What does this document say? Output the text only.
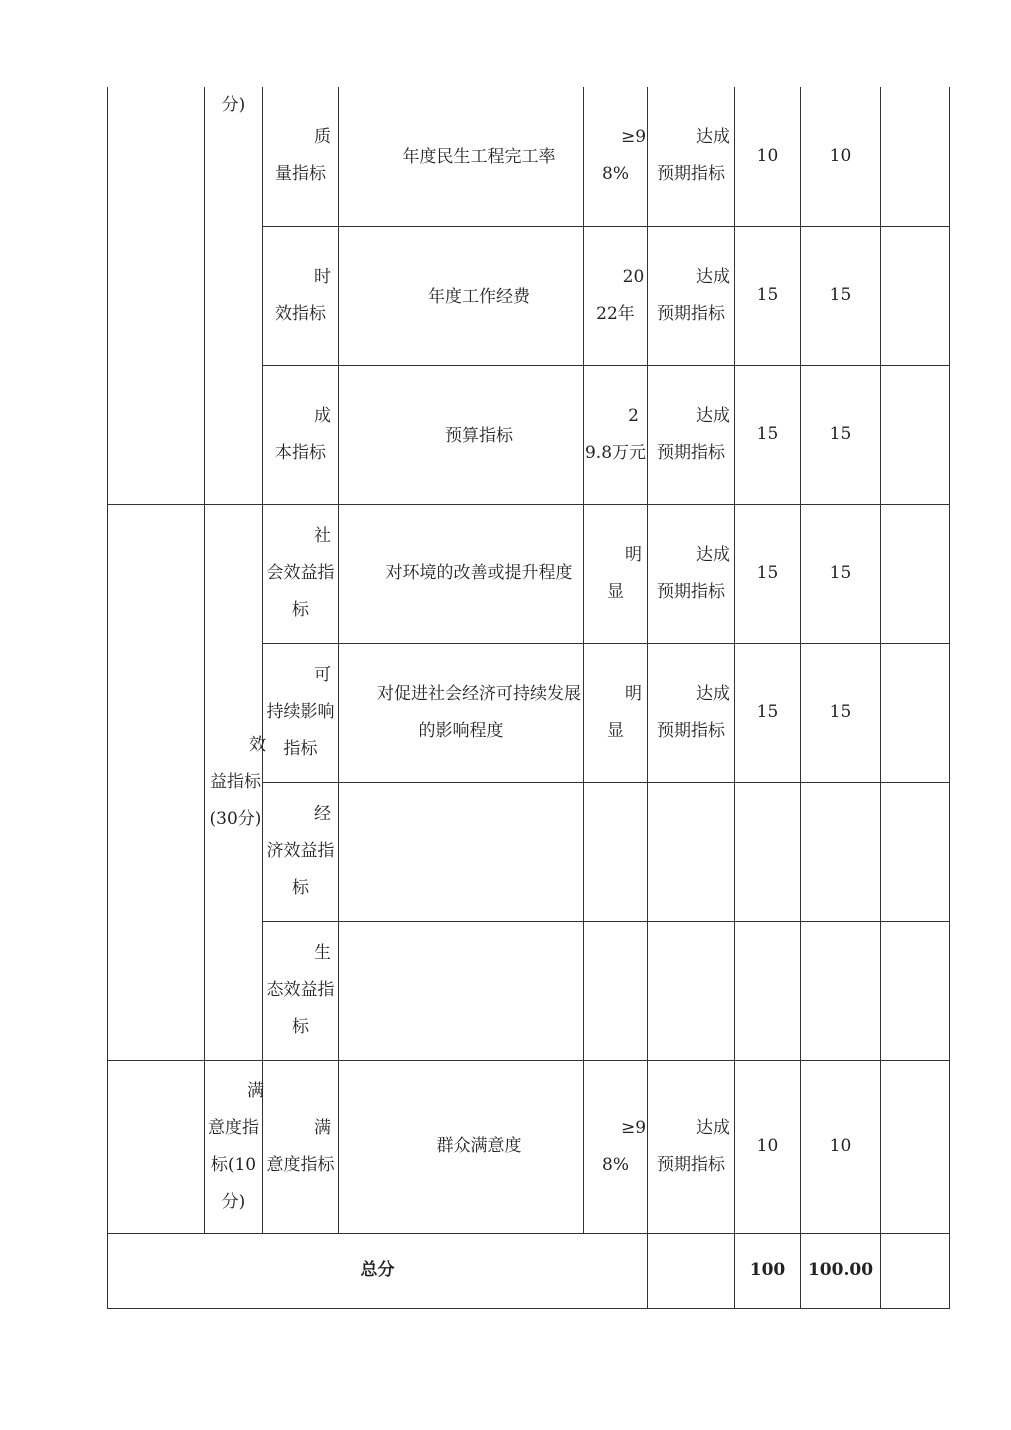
	分)	质量指标	年度民生工程完工率	≥98%	达成预期指标	10	10	
		时效指标	年度工作经费	2022年	达成预期指标	15	15	
		成本指标	预算指标	29.8万元	达成预期指标	15	15	
	效益指标(30分)	社会效益指标	对环境的改善或提升程度	明显	达成预期指标	15	15	
		可持续影响指标	对促进社会经济可持续发展的影响程度	明显	达成预期指标	15	15	
		经济效益指标						
		生态效益指标						
	满意度指标(10分)	满意度指标	群众满意度	≥98%	达成预期指标	10	10	
总分						100	100.00	
